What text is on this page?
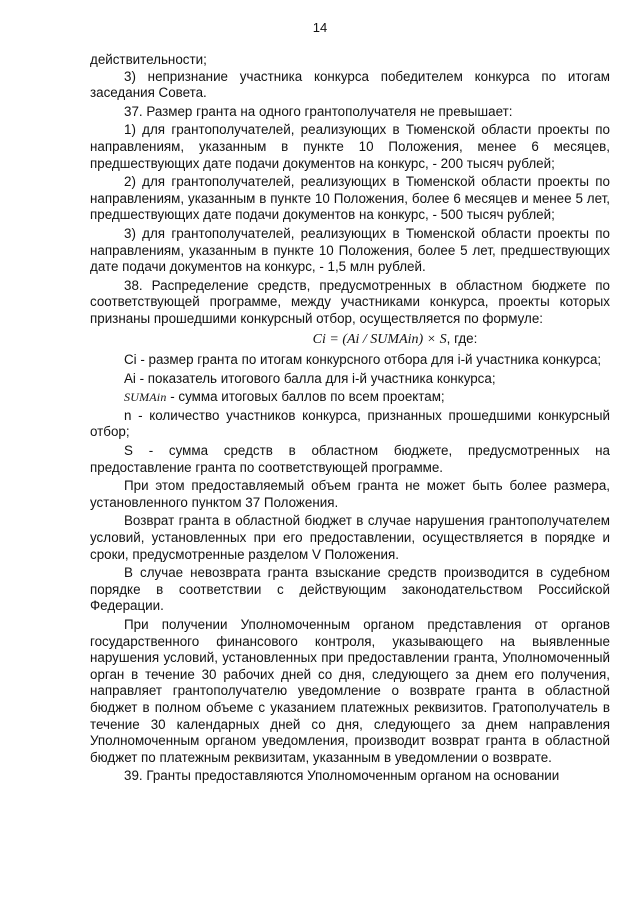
14

действительности;

3) непризнание участника конкурса победителем конкурса по итогам заседания Совета.

37. Размер гранта на одного грантополучателя не превышает:

1) для грантополучателей, реализующих в Тюменской области проекты по направлениям, указанным в пункте 10 Положения, менее 6 месяцев, предшествующих дате подачи документов на конкурс, - 200 тысяч рублей;

2) для грантополучателей, реализующих в Тюменской области проекты по направлениям, указанным в пункте 10 Положения, более 6 месяцев и менее 5 лет, предшествующих дате подачи документов на конкурс, - 500 тысяч рублей;

3) для грантополучателей, реализующих в Тюменской области проекты по направлениям, указанным в пункте 10 Положения, более 5 лет, предшествующих дате подачи документов на конкурс, - 1,5 млн рублей.

38. Распределение средств, предусмотренных в областном бюджете по соответствующей программе, между участниками конкурса, проекты которых признаны прошедшими конкурсный отбор, осуществляется по формуле:

Ci = (Ai / SUMAin) × S, где:

Сi - размер гранта по итогам конкурсного отбора для i-й участника конкурса;

Аi - показатель итогового балла для i-й участника конкурса;

SUMAin - сумма итоговых баллов по всем проектам;

n - количество участников конкурса, признанных прошедшими конкурсный отбор;

S - сумма средств в областном бюджете, предусмотренных на предоставление гранта по соответствующей программе.

При этом предоставляемый объем гранта не может быть более размера, установленного пунктом 37 Положения.

Возврат гранта в областной бюджет в случае нарушения грантополучателем условий, установленных при его предоставлении, осуществляется в порядке и сроки, предусмотренные разделом V Положения.

В случае невозврата гранта взыскание средств производится в судебном порядке в соответствии с действующим законодательством Российской Федерации.

При получении Уполномоченным органом представления от органов государственного финансового контроля, указывающего на выявленные нарушения условий, установленных при предоставлении гранта, Уполномоченный орган в течение 30 рабочих дней со дня, следующего за днем его получения, направляет грантополучателю уведомление о возврате гранта в областной бюджет в полном объеме с указанием платежных реквизитов. Гратополучатель в течение 30 календарных дней со дня, следующего за днем направления Уполномоченным органом уведомления, производит возврат гранта в областной бюджет по платежным реквизитам, указанным в уведомлении о возврате.

39. Гранты предоставляются Уполномоченным органом на основании
